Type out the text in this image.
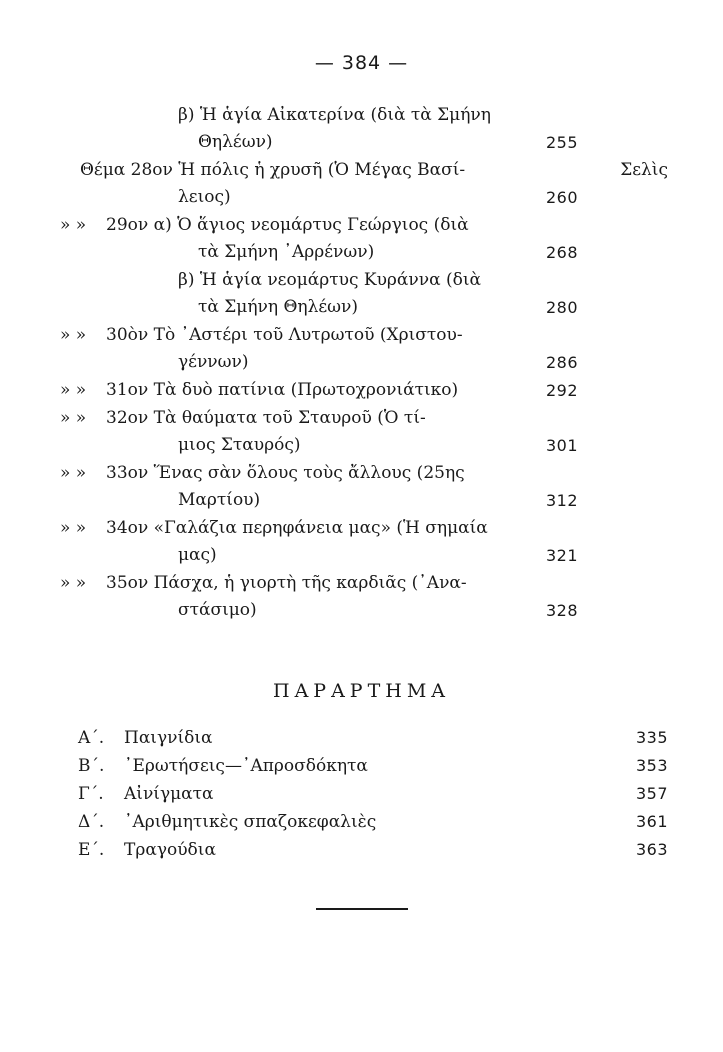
— 384 —
Σελὶς
β) Ἡ ἁγία Αἰκατερίνα (διὰ τὰ Σμήνη
Θηλέων)	255
Θέμα 28ον Ἡ πόλις ἡ χρυσῆ (Ὁ Μέγας Βασί-
λειος)	260
» » 29ον α) Ὁ ἅγιος νεομάρτυς Γεώργιος (διὰ
τὰ Σμήνη ᾿Αρρένων)	268
β) Ἡ ἁγία νεομάρτυς Κυράννα (διὰ
τὰ Σμήνη Θηλέων)	280
» » 30ὸν Τὸ ᾿Αστέρι τοῦ Λυτρωτοῦ (Χριστου-
γέννων)	286
» » 31ον Τὰ δυὸ πατίνια (Πρωτοχρονιάτικο)	292
» » 32ον Τὰ θαύματα τοῦ Σταυροῦ (Ὁ τί-
μιος Σταυρός)	301
» » 33ον Ἕνας σὰν ὅλους τοὺς ἄλλους (25ης
Μαρτίου)	312
» » 34ον «Γαλάζια περηφάνεια μας» (Ἡ σημαία
μας)	321
» » 35ον Πάσχα, ἡ γιορτὴ τῆς καρδιᾶς (᾿Ανα-
στάσιμο)	328
ΠΑΡΑΡΤΗΜΑ
Α΄. Παιγνίδια	335
Β΄. ᾿Ερωτήσεις—᾿Απροσδόκητα	353
Γ΄. Αἰνίγματα	357
Δ΄. ᾿Αριθμητικὲς σπαζοκεφαλιὲς	361
Ε΄. Τραγούδια	363
